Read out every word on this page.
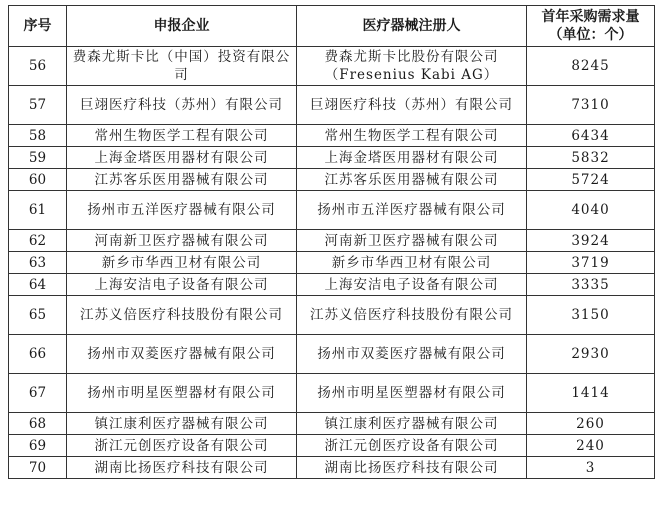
序号	申报企业	医疗器械注册人	首年采购需求量
（单位：个）

56	费森尤斯卡比（中国）投资有限公司	费森尤斯卡比股份有限公司（Fresenius Kabi AG）	8245
57	巨翊医疗科技（苏州）有限公司	巨翊医疗科技（苏州）有限公司	7310
58	常州生物医学工程有限公司	常州生物医学工程有限公司	6434
59	上海金塔医用器材有限公司	上海金塔医用器材有限公司	5832
60	江苏客乐医用器械有限公司	江苏客乐医用器械有限公司	5724
61	扬州市五洋医疗器械有限公司	扬州市五洋医疗器械有限公司	4040
62	河南新卫医疗器械有限公司	河南新卫医疗器械有限公司	3924
63	新乡市华西卫材有限公司	新乡市华西卫材有限公司	3719
64	上海安洁电子设备有限公司	上海安洁电子设备有限公司	3335
65	江苏义倍医疗科技股份有限公司	江苏义倍医疗科技股份有限公司	3150
66	扬州市双菱医疗器械有限公司	扬州市双菱医疗器械有限公司	2930
67	扬州市明星医塑器材有限公司	扬州市明星医塑器材有限公司	1414
68	镇江康利医疗器械有限公司	镇江康利医疗器械有限公司	260
69	浙江元创医疗设备有限公司	浙江元创医疗设备有限公司	240
70	湖南比扬医疗科技有限公司	湖南比扬医疗科技有限公司	3
